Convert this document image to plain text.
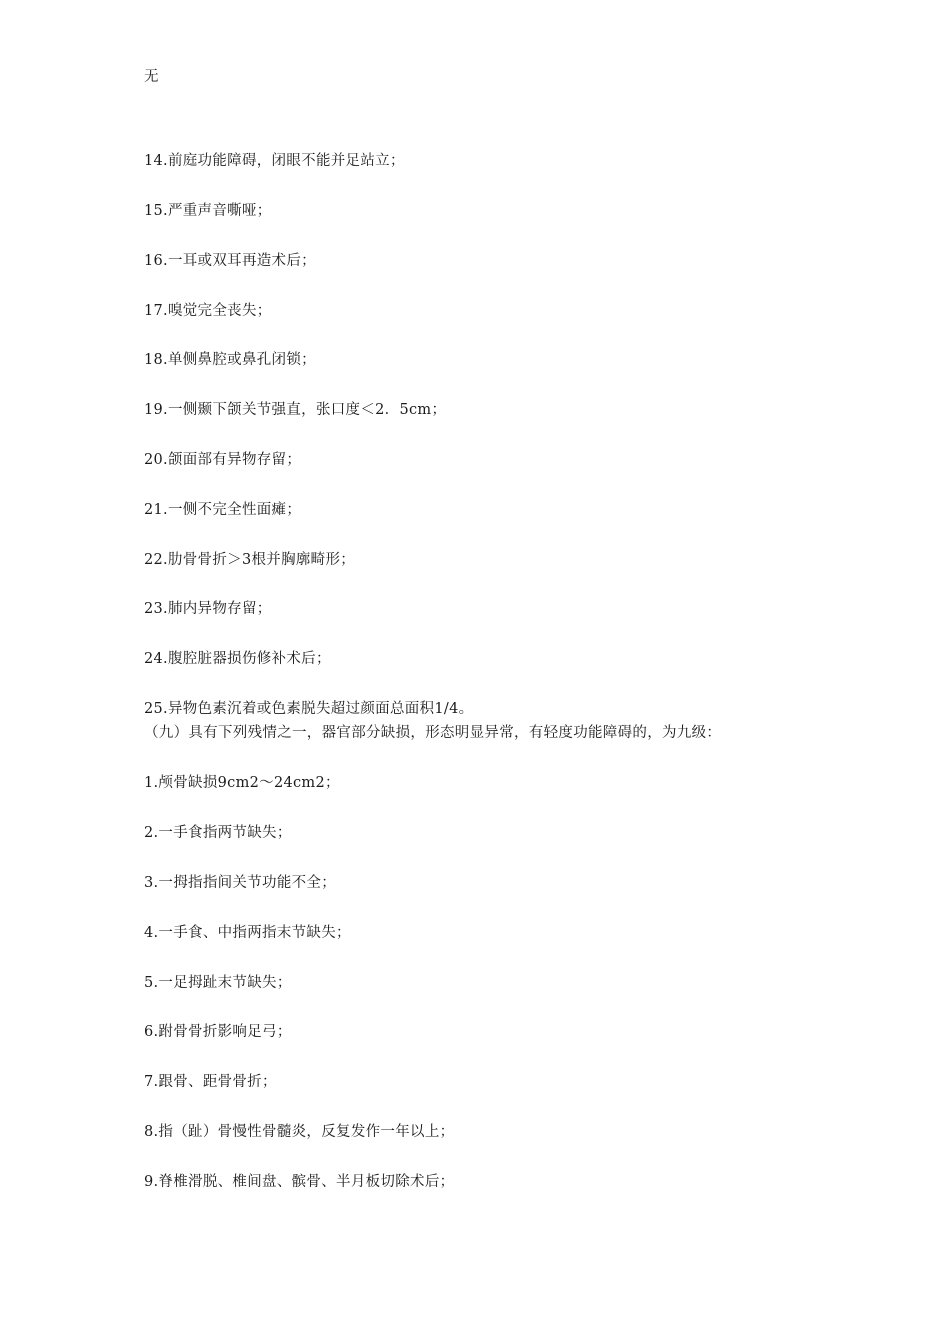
无
14.前庭功能障碍，闭眼不能并足站立；
15.严重声音嘶哑；
16.一耳或双耳再造术后；
17.嗅觉完全丧失；
18.单侧鼻腔或鼻孔闭锁；
19.一侧颞下颌关节强直，张口度＜2．5cm；
20.颌面部有异物存留；
21.一侧不完全性面瘫；
22.肋骨骨折＞3根并胸廓畸形；
23.肺内异物存留；
24.腹腔脏器损伤修补术后；
25.异物色素沉着或色素脱失超过颜面总面积1/4。
（九）具有下列残情之一，器官部分缺损，形态明显异常，有轻度功能障碍的，为九级：
1.颅骨缺损9cm2～24cm2；
2.一手食指两节缺失；
3.一拇指指间关节功能不全；
4.一手食、中指两指末节缺失；
5.一足拇趾末节缺失；
6.跗骨骨折影响足弓；
7.跟骨、距骨骨折；
8.指（趾）骨慢性骨髓炎，反复发作一年以上；
9.脊椎滑脱、椎间盘、髌骨、半月板切除术后；
